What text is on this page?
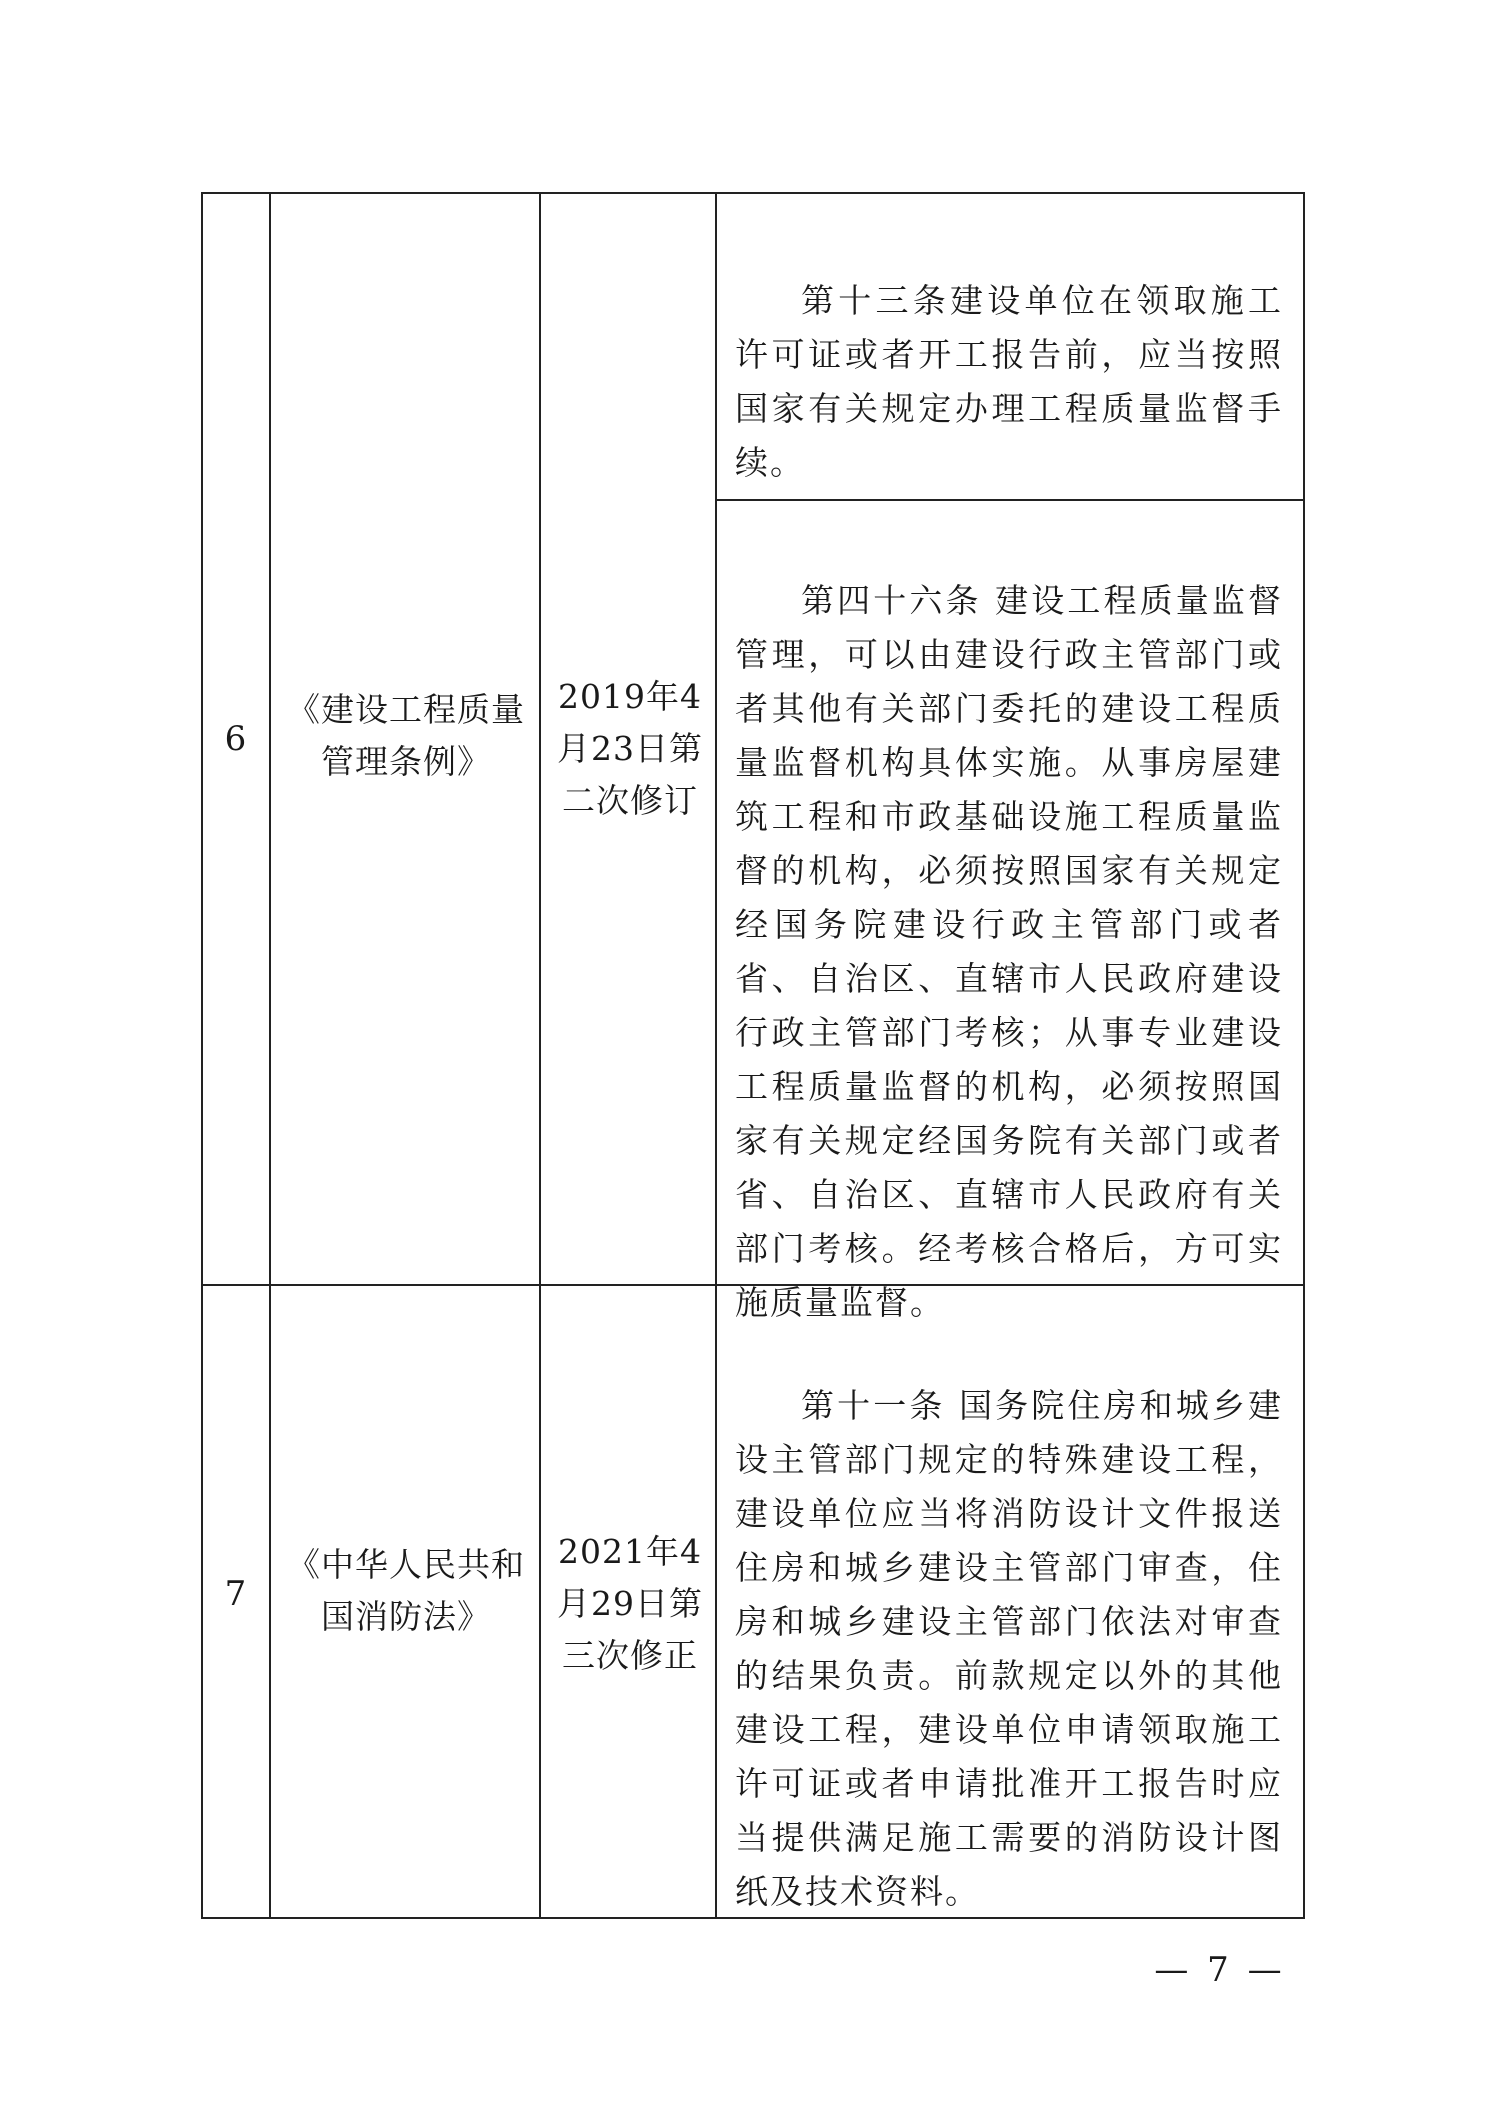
6
《建设工程质量管理条例》
2019年4月23日第二次修订
第十三条建设单位在领取施工许可证或者开工报告前，应当按照国家有关规定办理工程质量监督手续。
第四十六条 建设工程质量监督管理，可以由建设行政主管部门或者其他有关部门委托的建设工程质量监督机构具体实施。从事房屋建筑工程和市政基础设施工程质量监督的机构，必须按照国家有关规定经国务院建设行政主管部门或者省、自治区、直辖市人民政府建设行政主管部门考核；从事专业建设工程质量监督的机构，必须按照国家有关规定经国务院有关部门或者省、自治区、直辖市人民政府有关部门考核。经考核合格后，方可实施质量监督。
7
《中华人民共和国消防法》
2021年4月29日第三次修正
第十一条 国务院住房和城乡建设主管部门规定的特殊建设工程，建设单位应当将消防设计文件报送住房和城乡建设主管部门审查，住房和城乡建设主管部门依法对审查的结果负责。前款规定以外的其他建设工程，建设单位申请领取施工许可证或者申请批准开工报告时应当提供满足施工需要的消防设计图纸及技术资料。
— 7 —
